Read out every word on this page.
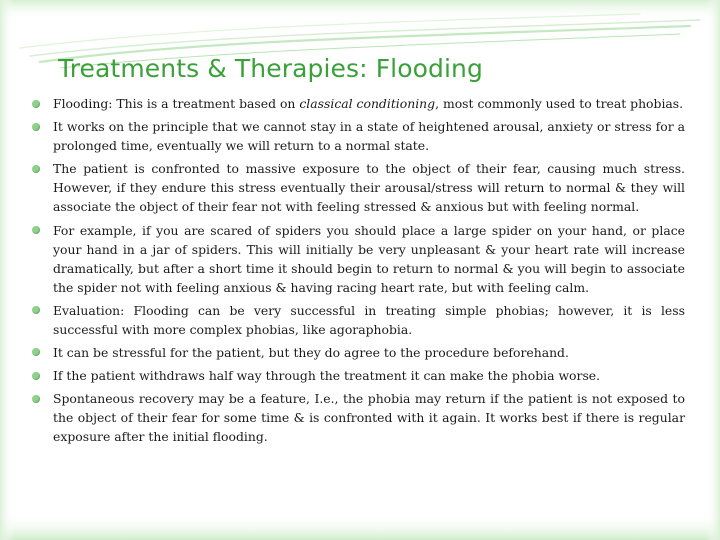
Treatments & Therapies: Flooding
Flooding: This is a treatment based on classical conditioning, most commonly used to treat phobias.
It works on the principle that we cannot stay in a state of heightened arousal, anxiety or stress for a prolonged time, eventually we will return to a normal state.
The patient is confronted to massive exposure to the object of their fear, causing much stress. However, if they endure this stress eventually their arousal/stress will return to normal & they will associate the object of their fear not with feeling stressed & anxious but with feeling normal.
For example, if you are scared of spiders you should place a large spider on your hand, or place your hand in a jar of spiders. This will initially be very unpleasant & your heart rate will increase dramatically, but after a short time it should begin to return to normal & you will begin to associate the spider not with feeling anxious & having racing heart rate, but with feeling calm.
Evaluation: Flooding can be very successful in treating simple phobias; however, it is less successful with more complex phobias, like agoraphobia.
It can be stressful for the patient, but they do agree to the procedure beforehand.
If the patient withdraws half way through the treatment it can make the phobia worse.
Spontaneous recovery may be a feature, I.e., the phobia may return if the patient is not exposed to the object of their fear for some time & is confronted with it again. It works best if there is regular exposure after the initial flooding.
